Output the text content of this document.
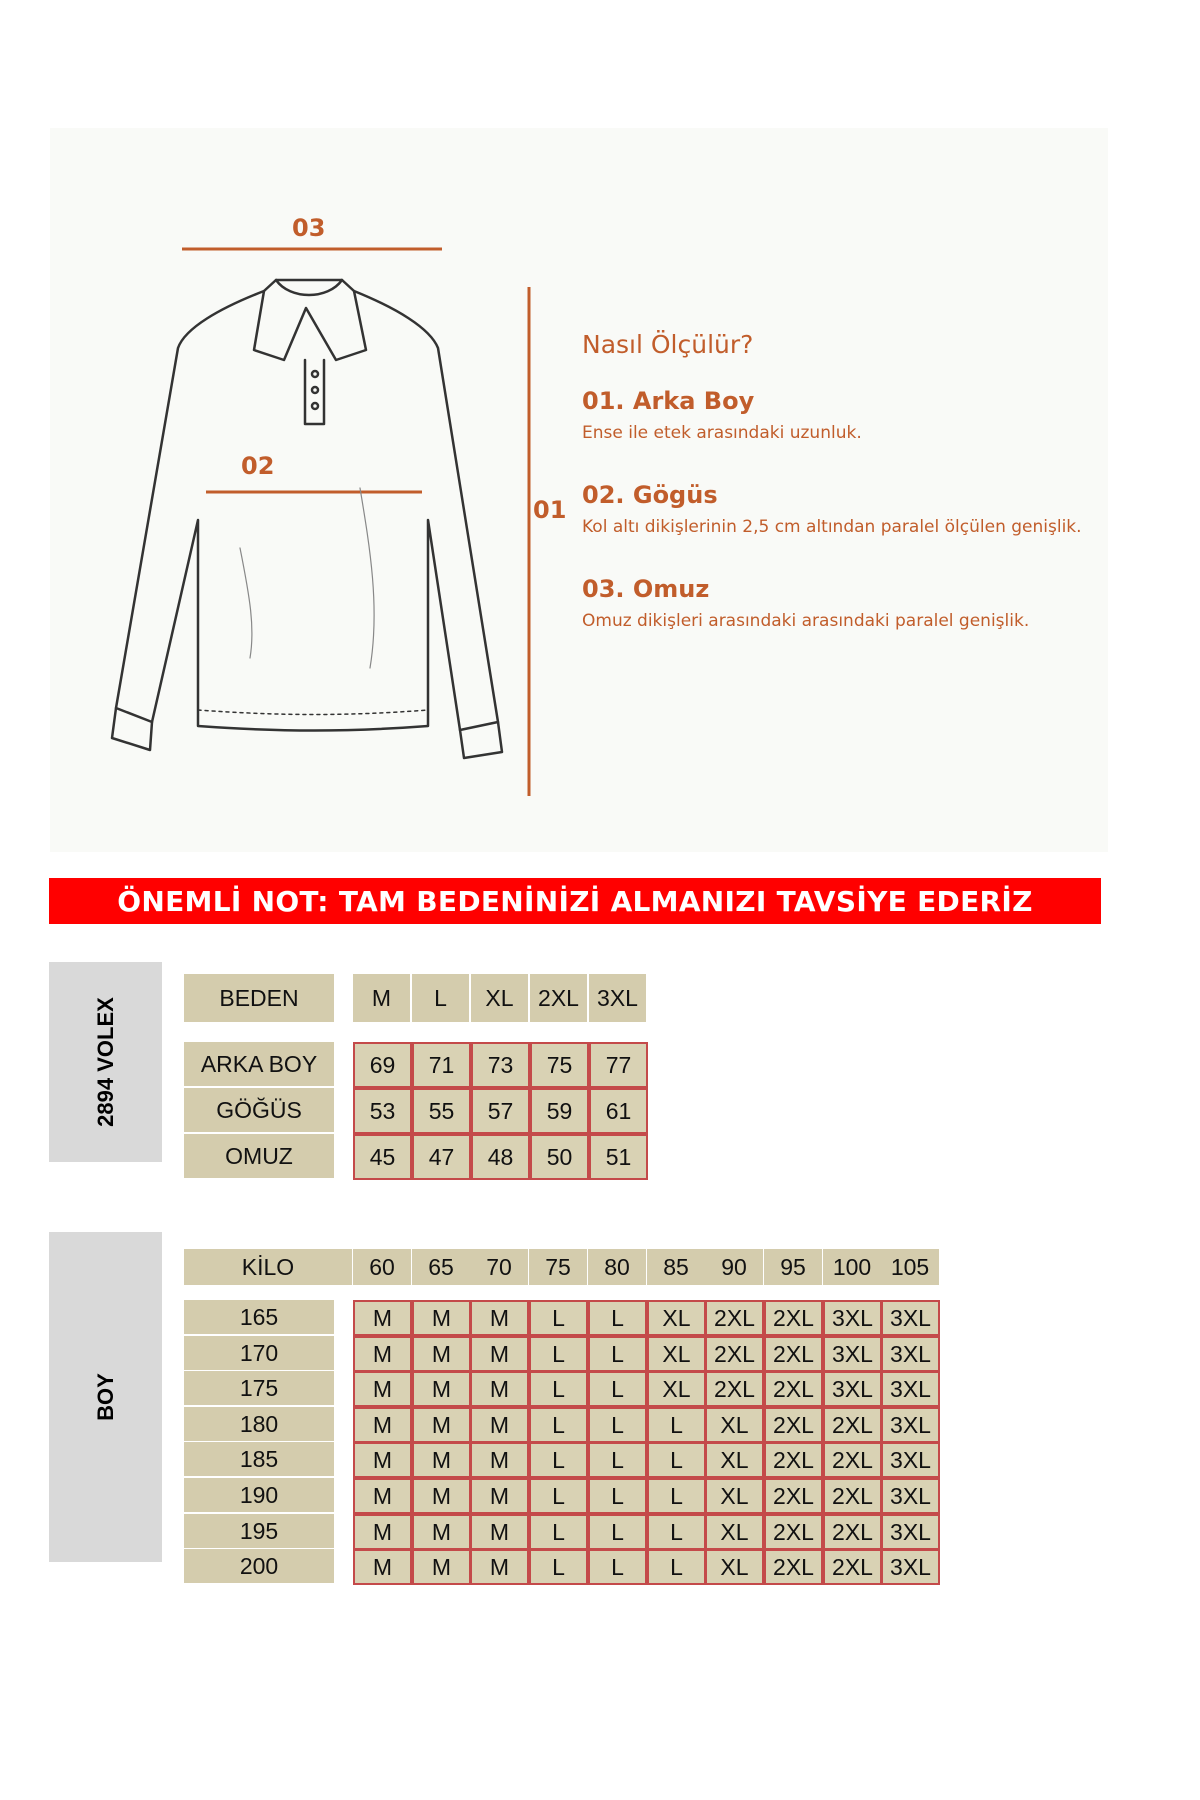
03
02
01
Nasıl Ölçülür?
01. Arka Boy
Ense ile etek arasındaki uzunluk.
02. Gögüs
Kol altı dikişlerinin 2,5 cm altından paralel ölçülen genişlik.
03. Omuz
Omuz dikişleri arasındaki arasındaki paralel genişlik.
ÖNEMLİ NOT: TAM BEDENİNİZİ ALMANIZI TAVSİYE EDERİZ
2894 VOLEX
BOY
BEDEN	M	L	XL	2XL 3XL
ARKA BOY	69	71	73	75	77
GÖĞÜS	53	55	57	59	61
OMUZ	45	47	48	50	51
KİLO	60	65	70	75	80	85	90	95	100 105
165	M	M	M	L	L	XL	2XL 2XL 3XL 3XL
170	M	M	M	L	L	XL	2XL 2XL 3XL 3XL
175	M	M	M	L	L	XL	2XL 2XL 3XL 3XL
180	M	M	M	L	L	L	XL	2XL 2XL 3XL
185	M	M	M	L	L	L	XL	2XL 2XL 3XL
190	M	M	M	L	L	L	XL	2XL 2XL 3XL
195	M	M	M	L	L	L	XL	2XL 2XL 3XL
200	M	M	M	L	L	L	XL	2XL 2XL 3XL
